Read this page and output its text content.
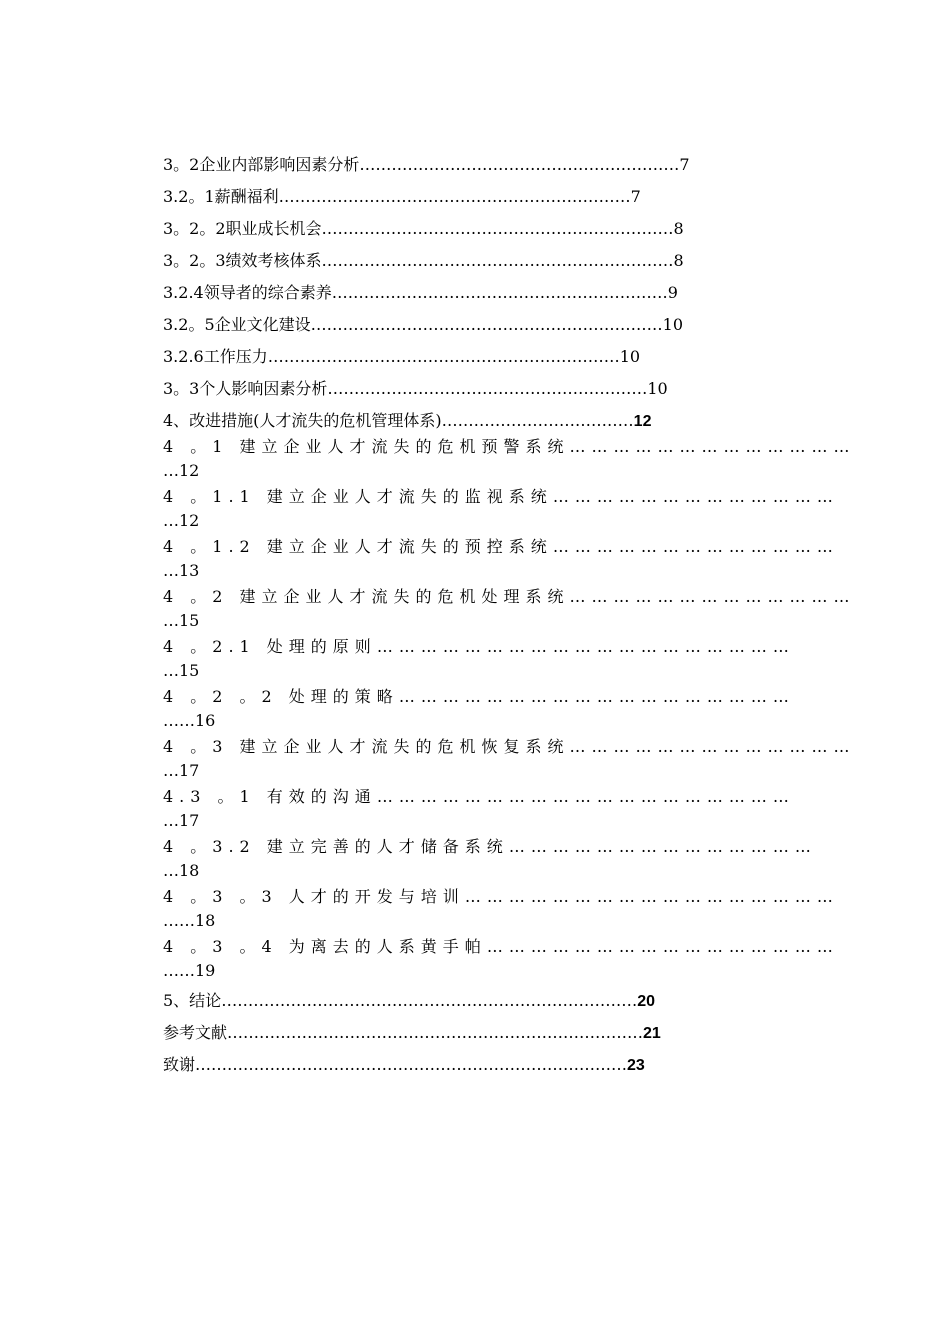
3。2企业内部影响因素分析……………………………………………………7
3.2。1薪酬福利…………………………………………………………7
3。2。2职业成长机会…………………………………………………………8
3。2。3绩效考核体系…………………………………………………………8
3.2.4领导者的综合素养………………………………………………………9
3.2。5企业文化建设…………………………………………………………10
3.2.6工作压力…………………………………………………………10
3。3个人影响因素分析……………………………………………………10
4、改进措施(人才流失的危机管理体系)………………………………12
4 。1 建立企业人才流失的危机预警系统…………………………………
…12
4 。1.1 建立企业人才流失的监视系统…………………………………
…12
4 。1.2 建立企业人才流失的预控系统…………………………………
…13
4 。2 建立企业人才流失的危机处理系统…………………………………
…15
4 。2.1 处理的原则…………………………………………………
…15
4 。2 。2 处理的策略………………………………………………
……16
4 。3 建立企业人才流失的危机恢复系统…………………………………
…17
4.3 。1 有效的沟通…………………………………………………
…17
4 。3.2 建立完善的人才储备系统……………………………………
…18
4 。3 。3 人才的开发与培训……………………………………………
……18
4 。3 。4 为离去的人系黄手帕…………………………………………
……19
5、结论……………………………………………………………………20
参考文献……………………………………………………………………21
致谢………………………………………………………………………23
